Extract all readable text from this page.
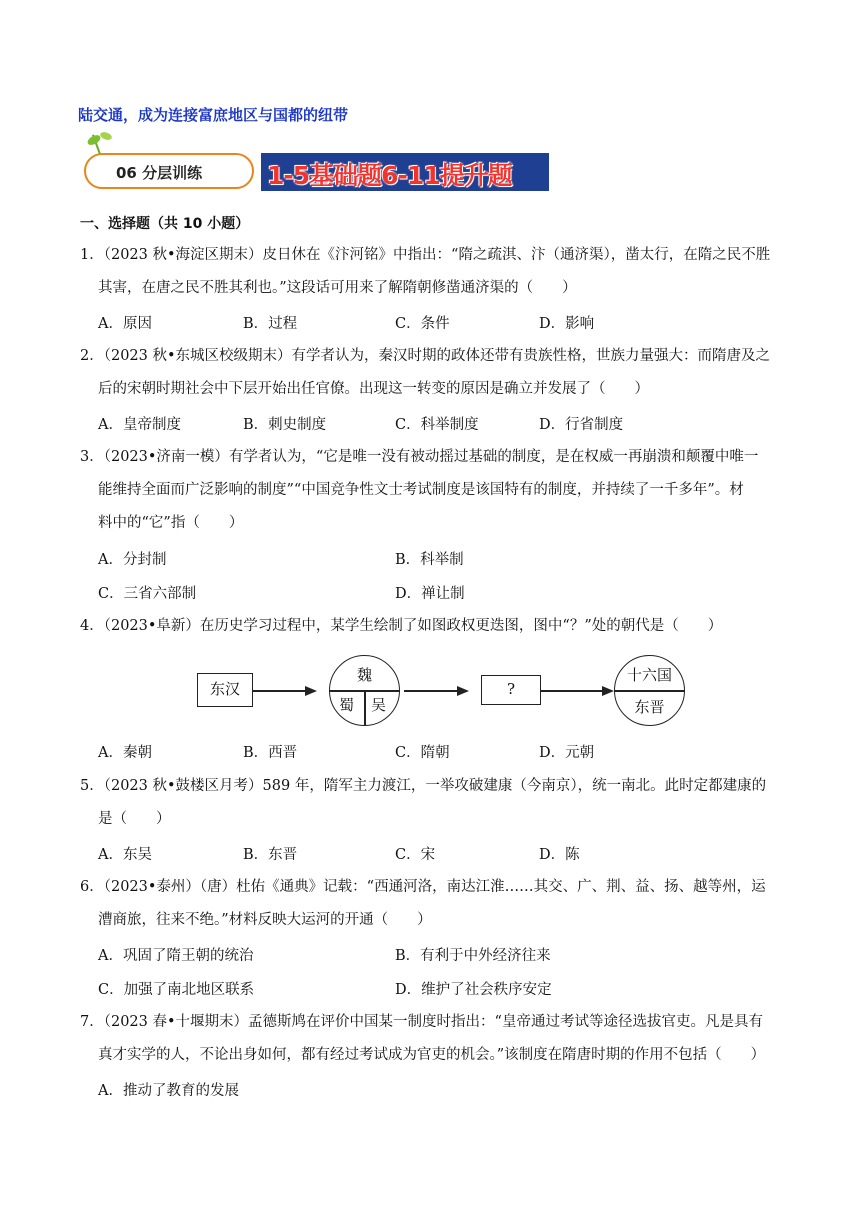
陆交通，成为连接富庶地区与国都的纽带
06 分层训练	1-5基础题6-11提升题
一、选择题（共 10 小题）
1．（2023 秋•海淀区期末）皮日休在《汴河铭》中指出：“隋之疏淇、汴（通济渠），凿太行，在隋之民不胜
其害，在唐之民不胜其利也。”这段话可用来了解隋朝修凿通济渠的（　　）
A．原因	B．过程	C．条件	D．影响
2．（2023 秋•东城区校级期末）有学者认为，秦汉时期的政体还带有贵族性格，世族力量强大：而隋唐及之
后的宋朝时期社会中下层开始出任官僚。出现这一转变的原因是确立并发展了（　　）
A．皇帝制度	B．刺史制度	C．科举制度	D．行省制度
3．（2023•济南一模）有学者认为，“它是唯一没有被动摇过基础的制度，是在权威一再崩溃和颠覆中唯一
能维持全面而广泛影响的制度”“中国竞争性文士考试制度是该国特有的制度，并持续了一千多年”。材
料中的“它”指（　　）
A．分封制	B．科举制
C．三省六部制	D．禅让制
4．（2023•阜新）在历史学习过程中，某学生绘制了如图政权更迭图，图中“？”处的朝代是（　　）
东汉
魏
蜀 吴
?
十六国
东晋
A．秦朝	B．西晋	C．隋朝	D．元朝
5．（2023 秋•鼓楼区月考）589 年，隋军主力渡江，一举攻破建康（今南京），统一南北。此时定都建康的
是（　　）
A．东吴	B．东晋	C．宋	D．陈
6．（2023•泰州）（唐）杜佑《通典》记载：“西通河洛，南达江淮……其交、广、荆、益、扬、越等州，运
漕商旅，往来不绝。”材料反映大运河的开通（　　）
A．巩固了隋王朝的统治	B．有利于中外经济往来
C．加强了南北地区联系	D．维护了社会秩序安定
7．（2023 春•十堰期末）孟德斯鸠在评价中国某一制度时指出：“皇帝通过考试等途径选拔官吏。凡是具有
真才实学的人，不论出身如何，都有经过考试成为官吏的机会。”该制度在隋唐时期的作用不包括（　　）
A．推动了教育的发展
